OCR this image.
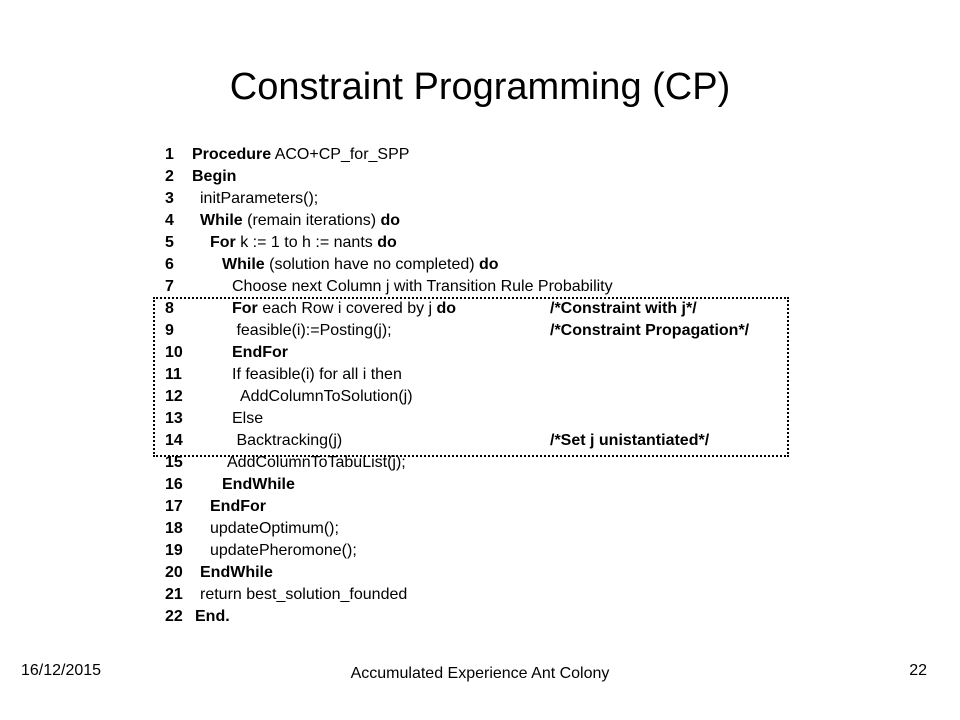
Constraint Programming (CP)
1 Procedure ACO+CP_for_SPP
2 Begin
3 initParameters();
4 While (remain iterations) do
5 For k := 1 to h := nants do
6	While (solution have no completed) do
7	Choose next Column j with Transition Rule Probability
8	For each Row i covered by j do	/*Constraint with j*/
9	feasible(i):=Posting(j);	/*Constraint Propagation*/
10	EndFor
11	If feasible(i) for all i then
12	AddColumnToSolution(j)
13	Else
14	Backtracking(j)	/*Set j unistantiated*/
15	AddColumnToTabuList(j);
16 EndWhile
17 EndFor
18 updateOptimum();
19 updatePheromone();
20 EndWhile
21 return best_solution_founded
22 End.
16/12/2015	Accumulated Experience Ant Colony	22
